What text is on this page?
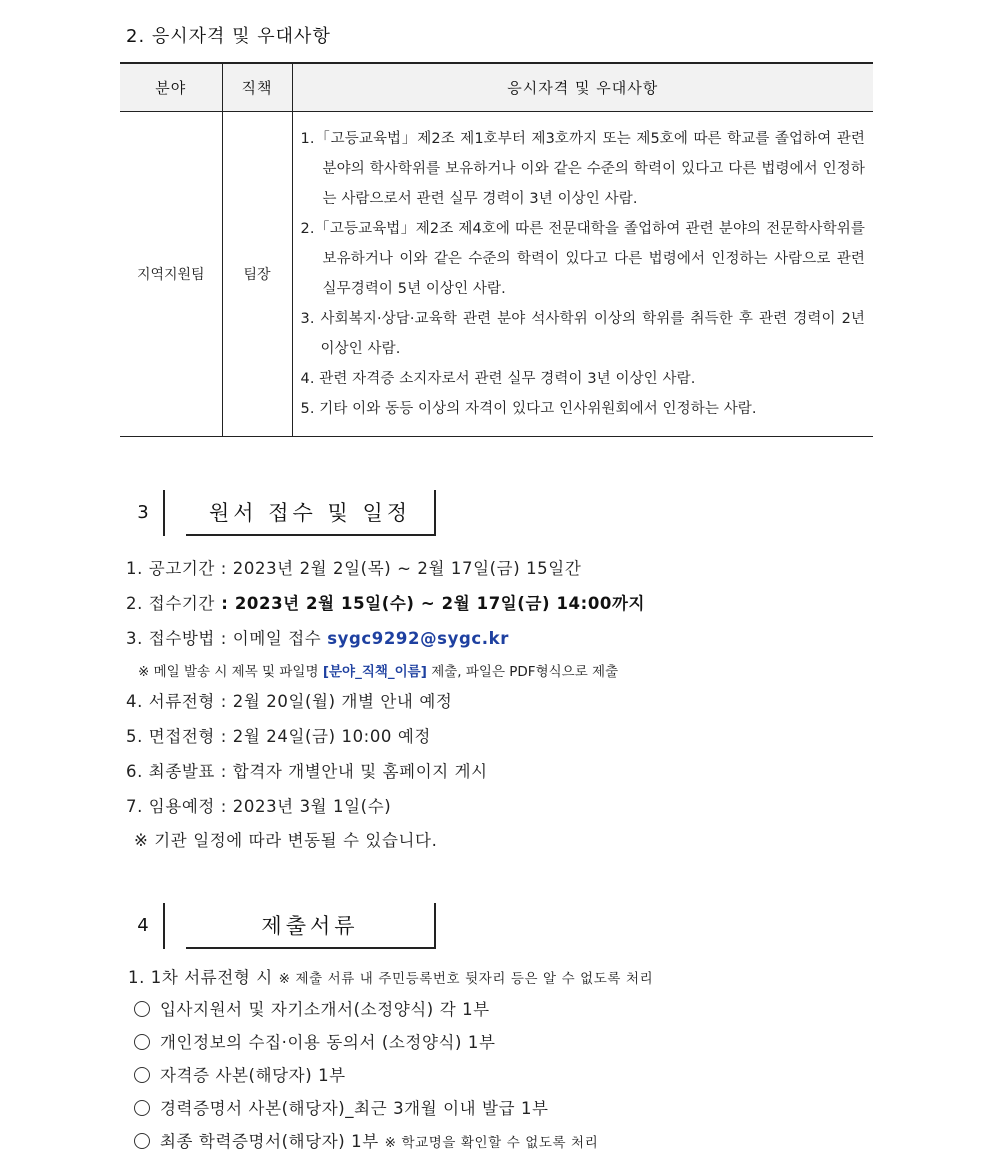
2. 응시자격 및 우대사항
분야	직책	응시자격 및 우대사항
지역지원팀	팀장	1.「고등교육법」제2조 제1호부터 제3호까지 또는 제5호에 따른 학교를 졸업하여 관련분야의 학사학위를 보유하거나 이와 같은 수준의 학력이 있다고 다른 법령에서 인정하는 사람으로서 관련 실무 경력이 3년 이상인 사람.
2.「고등교육법」제2조 제4호에 따른 전문대학을 졸업하여 관련 분야의 전문학사학위를 보유하거나 이와 같은 수준의 학력이 있다고 다른 법령에서 인정하는 사람으로 관련 실무경력이 5년 이상인 사람.
3. 사회복지·상담·교육학 관련 분야 석사학위 이상의 학위를 취득한 후 관련 경력이 2년 이상인 사람.
4. 관련 자격증 소지자로서 관련 실무 경력이 3년 이상인 사람.
5. 기타 이와 동등 이상의 자격이 있다고 인사위원회에서 인정하는 사람.
3	원서 접수 및 일정
1. 공고기간 : 2023년 2월 2일(목) ~ 2월 17일(금) 15일간
2. 접수기간 : 2023년 2월 15일(수) ~ 2월 17일(금) 14:00까지
3. 접수방법 : 이메일 접수 sygc9292@sygc.kr
※ 메일 발송 시 제목 및 파일명 [분야_직책_이름] 제출, 파일은 PDF형식으로 제출
4. 서류전형 : 2월 20일(월) 개별 안내 예정
5. 면접전형 : 2월 24일(금) 10:00 예정
6. 최종발표 : 합격자 개별안내 및 홈페이지 게시
7. 임용예정 : 2023년 3월 1일(수)
※ 기관 일정에 따라 변동될 수 있습니다.
4	제출서류
1. 1차 서류전형 시 ※ 제출 서류 내 주민등록번호 뒷자리 등은 알 수 없도록 처리
입사지원서 및 자기소개서(소정양식) 각 1부
개인정보의 수집·이용 동의서 (소정양식) 1부
자격증 사본(해당자) 1부
경력증명서 사본(해당자)_최근 3개월 이내 발급 1부
최종 학력증명서(해당자) 1부 ※ 학교명을 확인할 수 없도록 처리
